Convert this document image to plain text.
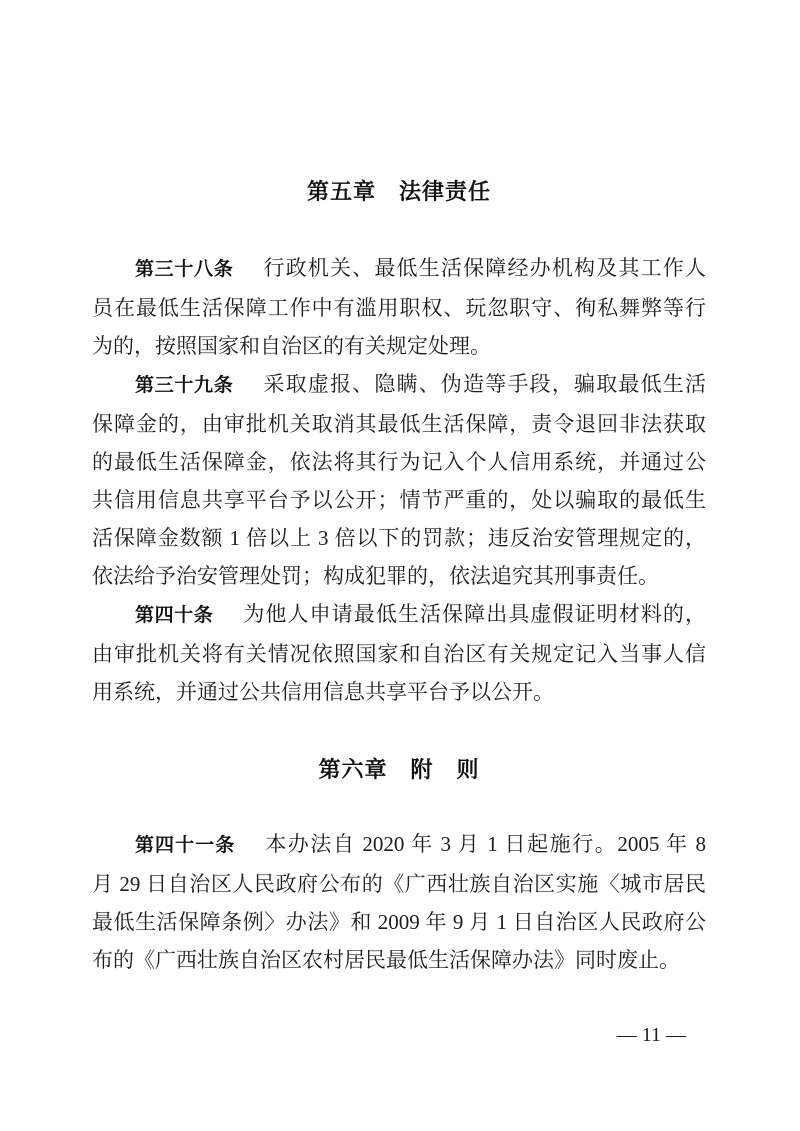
第五章　法律责任
第三十八条 行政机关、最低生活保障经办机构及其工作人
员在最低生活保障工作中有滥用职权、玩忽职守、徇私舞弊等行
为的，按照国家和自治区的有关规定处理。
第三十九条 采取虚报、隐瞒、伪造等手段，骗取最低生活
保障金的，由审批机关取消其最低生活保障，责令退回非法获取
的最低生活保障金，依法将其行为记入个人信用系统，并通过公
共信用信息共享平台予以公开；情节严重的，处以骗取的最低生
活保障金数额 1 倍以上 3 倍以下的罚款；违反治安管理规定的，
依法给予治安管理处罚；构成犯罪的，依法追究其刑事责任。
第四十条 为他人申请最低生活保障出具虚假证明材料的，
由审批机关将有关情况依照国家和自治区有关规定记入当事人信
用系统，并通过公共信用信息共享平台予以公开。
第六章　附　则
第四十一条 本办法自 2020 年 3 月 1 日起施行。2005 年 8
月 29 日自治区人民政府公布的《广西壮族自治区实施〈城市居民
最低生活保障条例〉办法》和 2009 年 9 月 1 日自治区人民政府公
布的《广西壮族自治区农村居民最低生活保障办法》同时废止。
— 11 —
